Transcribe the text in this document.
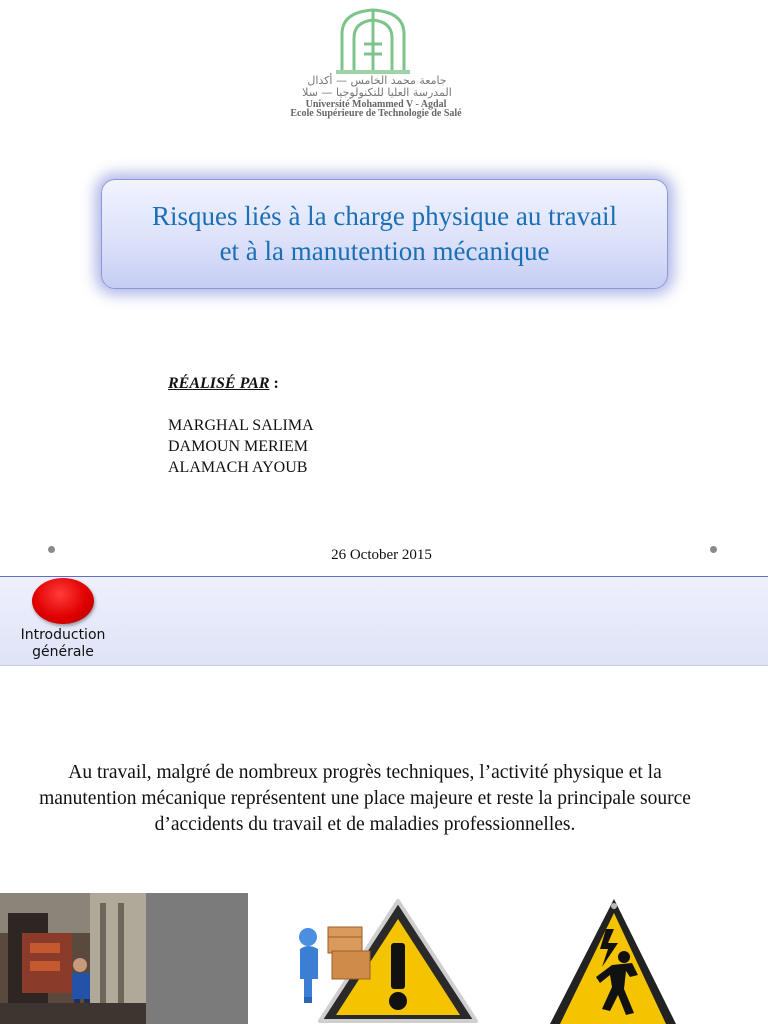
جامعة محمد الخامس — أكدال
المدرسة العليا للتكنولوجيا — سلا
Université Mohammed V - Agdal
Ecole Supérieure de Technologie de Salé
Risques liés à la charge physique au travail
et à la manutention mécanique
RÉALISÉ PAR :
MARGHAL SALIMA
DAMOUN MERIEM
ALAMACH AYOUB
26 October 2015
Introduction
générale
Au travail, malgré de nombreux progrès techniques, l’activité physique et la
manutention mécanique représentent une place majeure et reste la principale source
d’accidents du travail et de maladies professionnelles.
